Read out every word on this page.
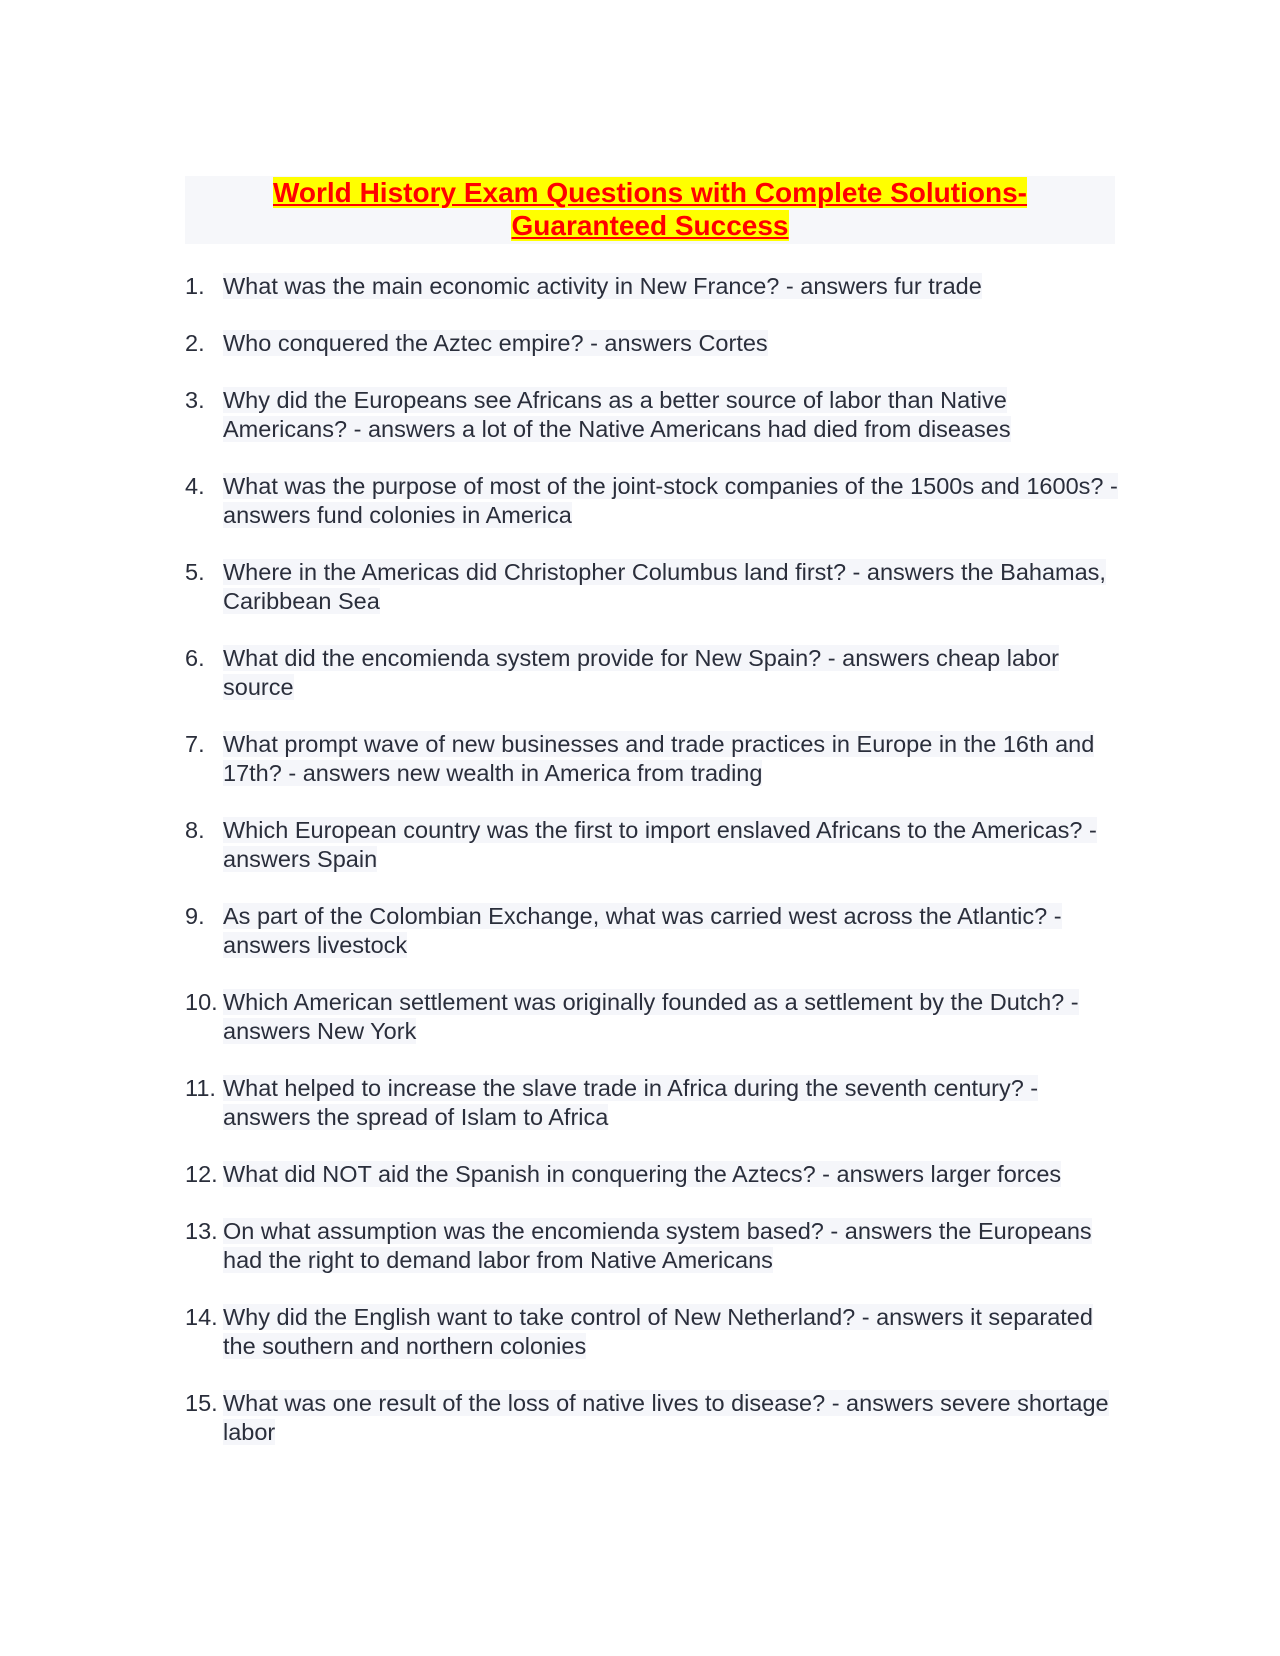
World History Exam Questions with Complete Solutions-
Guaranteed Success
1. What was the main economic activity in New France? - answers fur trade
2. Who conquered the Aztec empire? - answers Cortes
3. Why did the Europeans see Africans as a better source of labor than Native Americans? - answers a lot of the Native Americans had died from diseases
4. What was the purpose of most of the joint-stock companies of the 1500s and 1600s? - answers fund colonies in America
5. Where in the Americas did Christopher Columbus land first? - answers the Bahamas, Caribbean Sea
6. What did the encomienda system provide for New Spain? - answers cheap labor source
7. What prompt wave of new businesses and trade practices in Europe in the 16th and 17th? - answers new wealth in America from trading
8. Which European country was the first to import enslaved Africans to the Americas? - answers Spain
9. As part of the Colombian Exchange, what was carried west across the Atlantic? - answers livestock
10. Which American settlement was originally founded as a settlement by the Dutch? - answers New York
11. What helped to increase the slave trade in Africa during the seventh century? - answers the spread of Islam to Africa
12. What did NOT aid the Spanish in conquering the Aztecs? - answers larger forces
13. On what assumption was the encomienda system based? - answers the Europeans had the right to demand labor from Native Americans
14. Why did the English want to take control of New Netherland? - answers it separated the southern and northern colonies
15. What was one result of the loss of native lives to disease? - answers severe shortage labor
